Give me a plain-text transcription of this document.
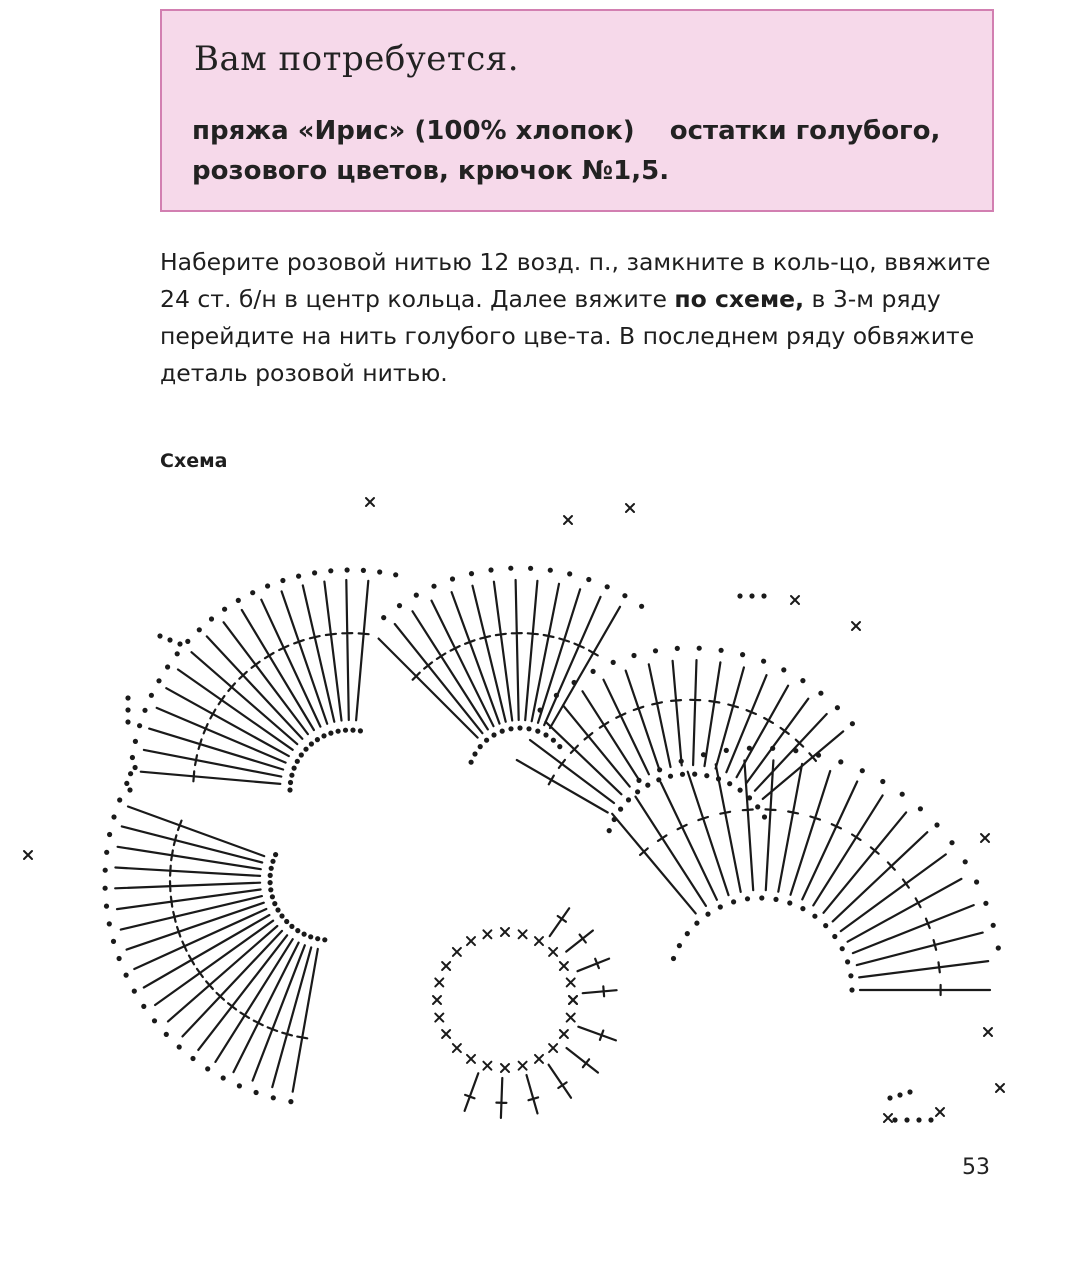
Вам потребуется.

пряжа «Ирис» (100% хлопок)  остатки голубого, розового цветов, крючок №1,5.

Наберите розовой нитью 12 возд. п., замкните в коль-цо, ввяжите 24 ст. б/н в центр кольца. Далее вяжите по схеме, в 3-м ряду перейдите на нить голубого цве-та. В последнем ряду обвяжите деталь розовой нитью.

Схема

53
